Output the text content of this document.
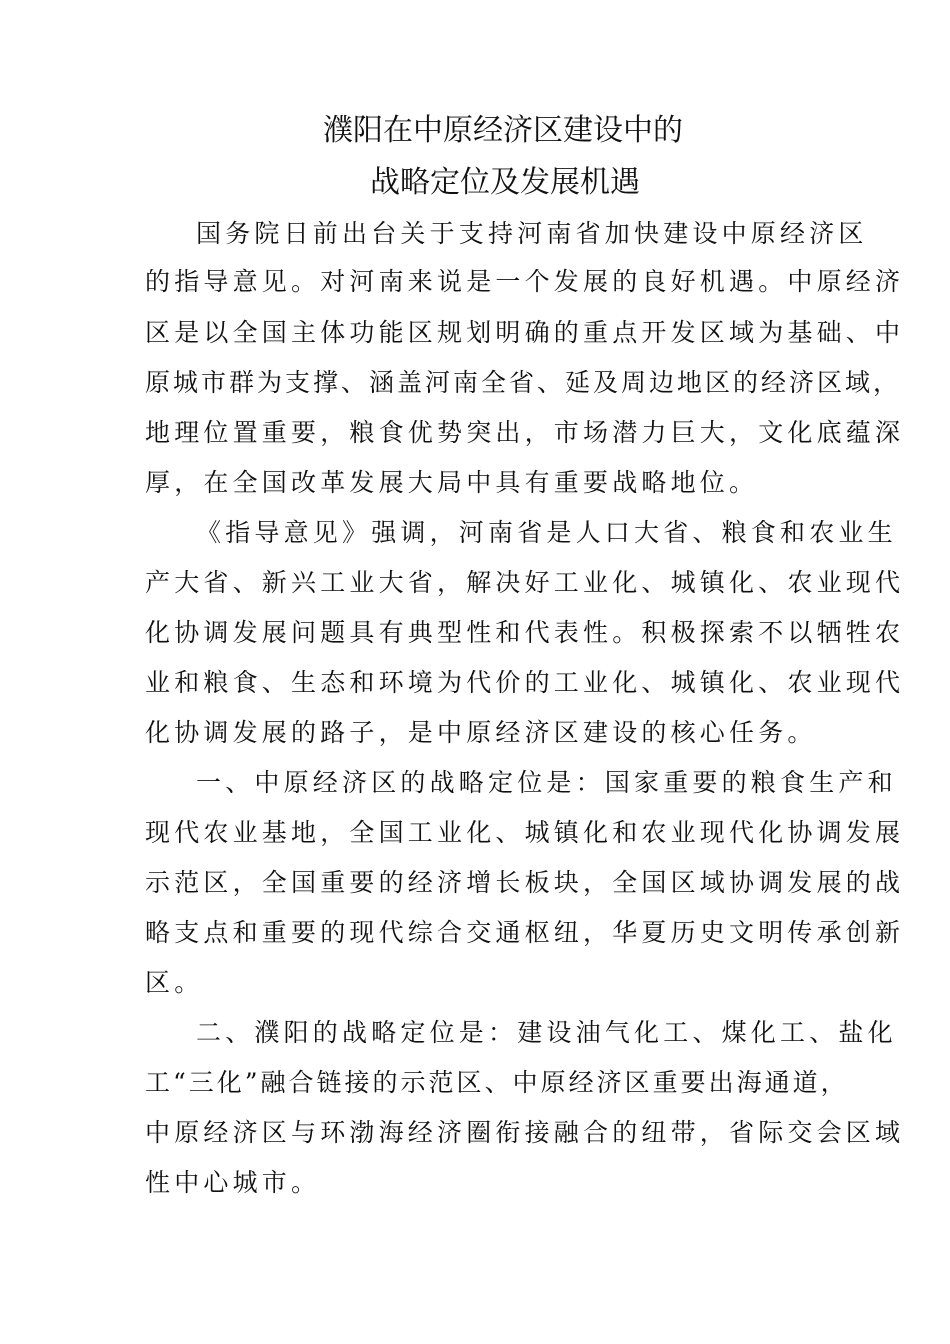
濮阳在中原经济区建设中的
战略定位及发展机遇
国务院日前出台关于支持河南省加快建设中原经济区
的指导意见。对河南来说是一个发展的良好机遇。中原经济
区是以全国主体功能区规划明确的重点开发区域为基础、中
原城市群为支撑、涵盖河南全省、延及周边地区的经济区域，
地理位置重要，粮食优势突出，市场潜力巨大，文化底蕴深
厚，在全国改革发展大局中具有重要战略地位。
《指导意见》强调，河南省是人口大省、粮食和农业生
产大省、新兴工业大省，解决好工业化、城镇化、农业现代
化协调发展问题具有典型性和代表性。积极探索不以牺牲农
业和粮食、生态和环境为代价的工业化、城镇化、农业现代
化协调发展的路子，是中原经济区建设的核心任务。
一、中原经济区的战略定位是：国家重要的粮食生产和
现代农业基地，全国工业化、城镇化和农业现代化协调发展
示范区，全国重要的经济增长板块，全国区域协调发展的战
略支点和重要的现代综合交通枢纽，华夏历史文明传承创新
区。
二、濮阳的战略定位是：建设油气化工、煤化工、盐化
工“三化”融合链接的示范区、中原经济区重要出海通道，
中原经济区与环渤海经济圈衔接融合的纽带，省际交会区域
性中心城市。
